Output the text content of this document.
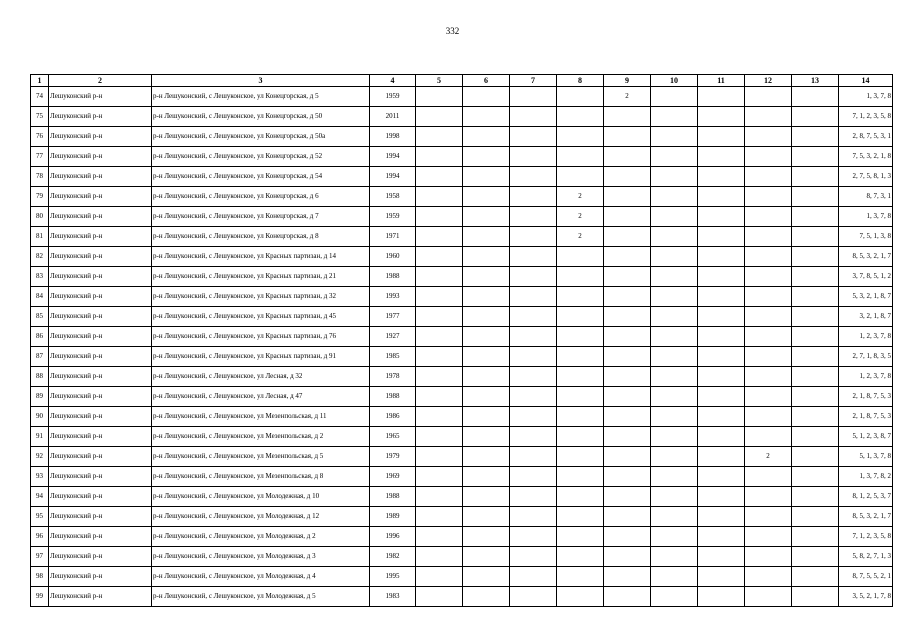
332
1	2	3	4	5	6	7	8	9	10	11	12	13	14
74	Лешуконский р-н	р-н Лешуконский, с Лешуконское, ул Конецгорская, д 5	1959					2					1, 3, 7, 8
75	Лешуконский р-н	р-н Лешуконский, с Лешуконское, ул Конецгорская, д 50	2011										7, 1, 2, 3, 5, 8
76	Лешуконский р-н	р-н Лешуконский, с Лешуконское, ул Конецгорская, д 50а	1998										2, 8, 7, 5, 3, 1
77	Лешуконский р-н	р-н Лешуконский, с Лешуконское, ул Конецгорская, д 52	1994										7, 5, 3, 2, 1, 8
78	Лешуконский р-н	р-н Лешуконский, с Лешуконское, ул Конецгорская, д 54	1994										2, 7, 5, 8, 1, 3
79	Лешуконский р-н	р-н Лешуконский, с Лешуконское, ул Конецгорская, д 6	1958				2						8, 7, 3, 1
80	Лешуконский р-н	р-н Лешуконский, с Лешуконское, ул Конецгорская, д 7	1959				2						1, 3, 7, 8
81	Лешуконский р-н	р-н Лешуконский, с Лешуконское, ул Конецгорская, д 8	1971				2						7, 5, 1, 3, 8
82	Лешуконский р-н	р-н Лешуконский, с Лешуконское, ул Красных партизан, д 14	1960										8, 5, 3, 2, 1, 7
83	Лешуконский р-н	р-н Лешуконский, с Лешуконское, ул Красных партизан, д 21	1988										3, 7, 8, 5, 1, 2
84	Лешуконский р-н	р-н Лешуконский, с Лешуконское, ул Красных партизан, д 32	1993										5, 3, 2, 1, 8, 7
85	Лешуконский р-н	р-н Лешуконский, с Лешуконское, ул Красных партизан, д 45	1977										3, 2, 1, 8, 7
86	Лешуконский р-н	р-н Лешуконский, с Лешуконское, ул Красных партизан, д 76	1927										1, 2, 3, 7, 8
87	Лешуконский р-н	р-н Лешуконский, с Лешуконское, ул Красных партизан, д 91	1985										2, 7, 1, 8, 3, 5
88	Лешуконский р-н	р-н Лешуконский, с Лешуконское, ул Лесная, д 32	1978										1, 2, 3, 7, 8
89	Лешуконский р-н	р-н Лешуконский, с Лешуконское, ул Лесная, д 47	1988										2, 1, 8, 7, 5, 3
90	Лешуконский р-н	р-н Лешуконский, с Лешуконское, ул Мезенпольская, д 11	1986										2, 1, 8, 7, 5, 3
91	Лешуконский р-н	р-н Лешуконский, с Лешуконское, ул Мезенпольская, д 2	1965										5, 1, 2, 3, 8, 7
92	Лешуконский р-н	р-н Лешуконский, с Лешуконское, ул Мезенпольская, д 5	1979								2		5, 1, 3, 7, 8
93	Лешуконский р-н	р-н Лешуконский, с Лешуконское, ул Мезенпольская, д 8	1969										1, 3, 7, 8, 2
94	Лешуконский р-н	р-н Лешуконский, с Лешуконское, ул Молодежная, д 10	1988										8, 1, 2, 5, 3, 7
95	Лешуконский р-н	р-н Лешуконский, с Лешуконское, ул Молодежная, д 12	1989										8, 5, 3, 2, 1, 7
96	Лешуконский р-н	р-н Лешуконский, с Лешуконское, ул Молодежная, д 2	1996										7, 1, 2, 3, 5, 8
97	Лешуконский р-н	р-н Лешуконский, с Лешуконское, ул Молодежная, д 3	1982										5, 8, 2, 7, 1, 3
98	Лешуконский р-н	р-н Лешуконский, с Лешуконское, ул Молодежная, д 4	1995										8, 7, 5, 5, 2, 1
99	Лешуконский р-н	р-н Лешуконский, с Лешуконское, ул Молодежная, д 5	1983										3, 5, 2, 1, 7, 8
